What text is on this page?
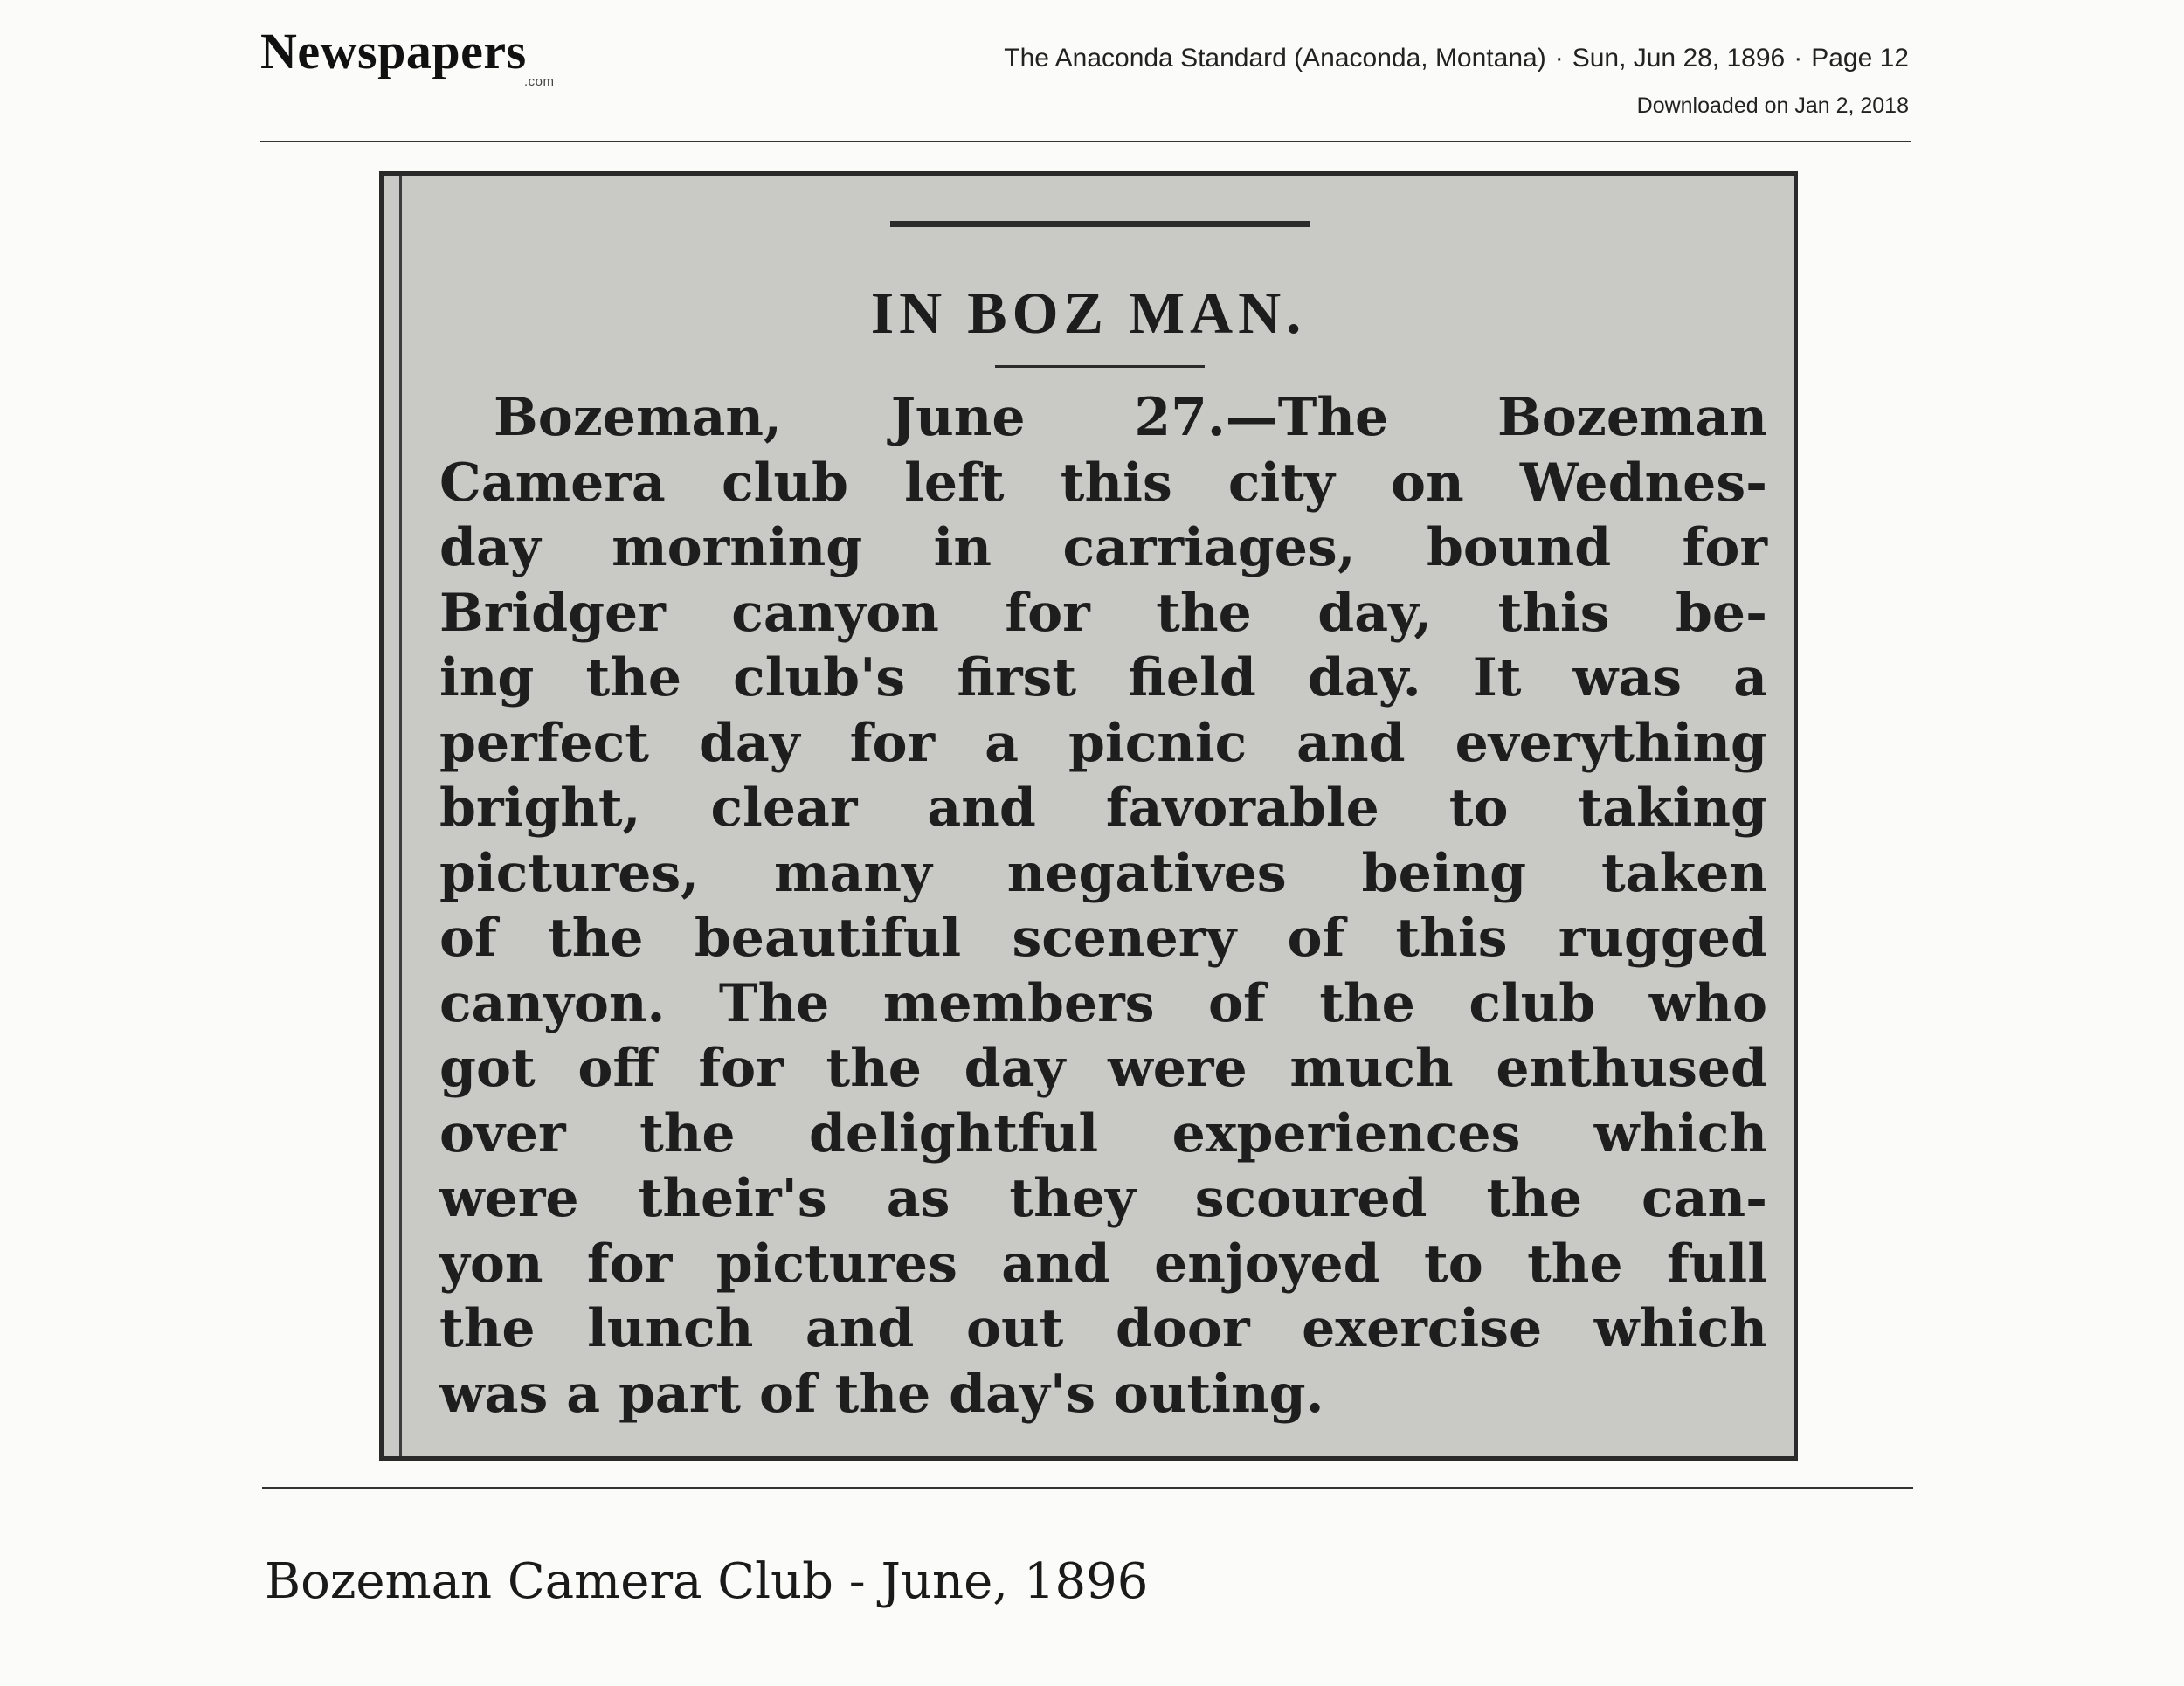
Newspapers
.com
The Anaconda Standard (Anaconda, Montana) · Sun, Jun 28, 1896 · Page 12
Downloaded on Jan 2, 2018
IN BOZ MAN.
Bozeman, June 27.—The Bozeman
Camera club left this city on Wednes-
day morning in carriages, bound for
Bridger canyon for the day, this be-
ing the club's first field day. It was a
perfect day for a picnic and everything
bright, clear and favorable to taking
pictures, many negatives being taken
of the beautiful scenery of this rugged
canyon. The members of the club who
got off for the day were much enthused
over the delightful experiences which
were their's as they scoured the can-
yon for pictures and enjoyed to the full
the lunch and out door exercise which
was a part of the day's outing.
Bozeman Camera Club - June, 1896
